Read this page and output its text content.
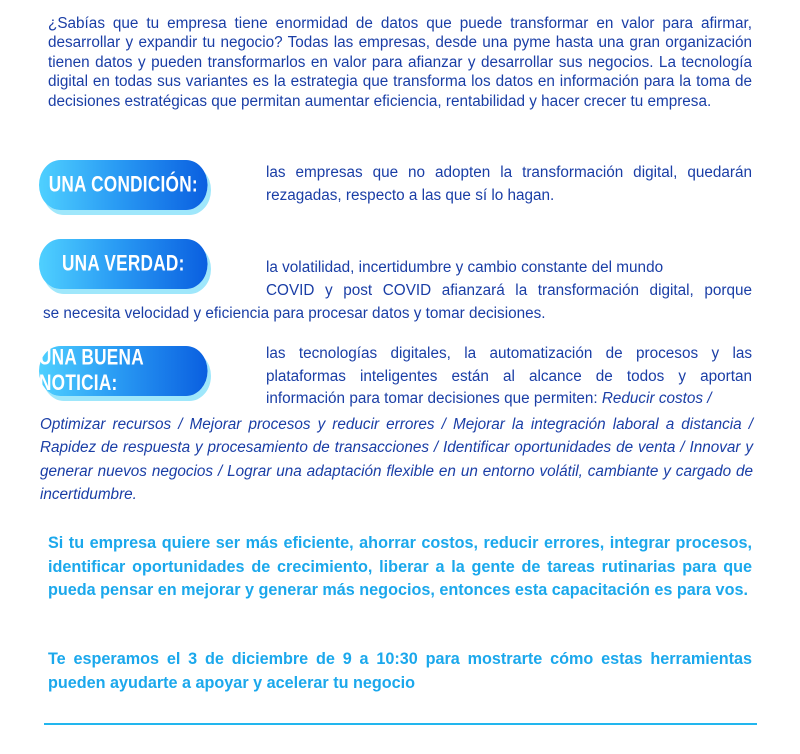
¿Sabías que tu empresa tiene enormidad de datos que puede transformar en valor para afirmar, desarrollar y expandir tu negocio? Todas las empresas, desde una pyme hasta una gran organización tienen datos y pueden transformarlos en valor para afianzar y desarrollar sus negocios. La tecnología digital en todas sus variantes es la estrategia que transforma los datos en información para la toma de decisiones estratégicas que permitan aumentar eficiencia, rentabilidad y hacer crecer tu empresa.

UNA CONDICIÓN:	las empresas que no adopten la transformación digital, quedarán rezagadas, respecto a las que sí lo hagan.

UNA VERDAD:	la volatilidad, incertidumbre y cambio constante del mundo

COVID y post COVID afianzará la transformación digital, porque

se necesita velocidad y eficiencia para procesar datos y tomar decisiones.

UNA BUENA NOTICIA:

las tecnologías digitales, la automatización de procesos y las plataformas inteligentes están al alcance de todos y aportan información para tomar decisiones que permiten: Reducir costos /

Optimizar recursos / Mejorar procesos y reducir errores / Mejorar la integración laboral a distancia / Rapidez de respuesta y procesamiento de transacciones / Identificar oportunidades de venta / Innovar y generar nuevos negocios / Lograr una adaptación flexible en un entorno volátil, cambiante y cargado de incertidumbre.

Si tu empresa quiere ser más eficiente, ahorrar costos, reducir errores, integrar procesos, identificar oportunidades de crecimiento, liberar a la gente de tareas rutinarias para que pueda pensar en mejorar y generar más negocios, entonces esta capacitación es para vos.

Te esperamos el 3 de diciembre de 9 a 10:30 para mostrarte cómo estas herramientas pueden ayudarte a apoyar y acelerar tu negocio
